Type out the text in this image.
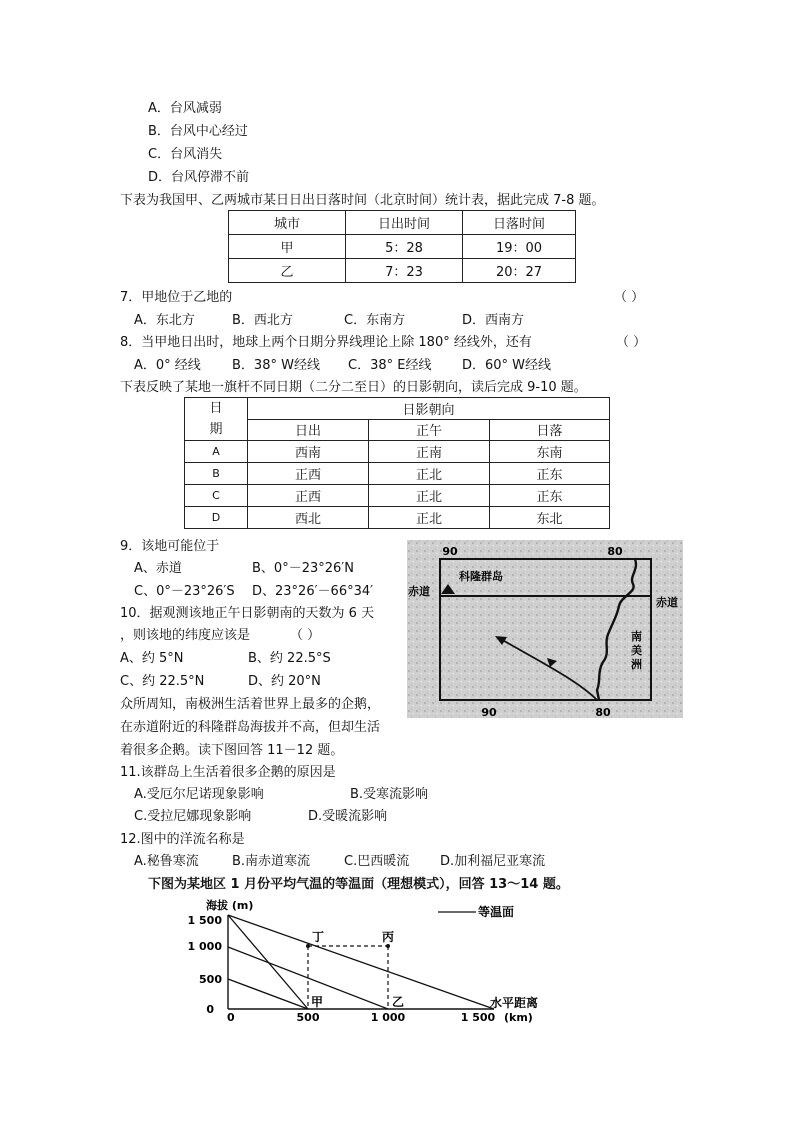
A．台风减弱
B．台风中心经过
C．台风消失
D．台风停滞不前
下表为我国甲、乙两城市某日日出日落时间（北京时间）统计表，据此完成 7-8 题。
城市	日出时间	日落时间
甲	5：28	19：00
乙	7：23	20：27
7．甲地位于乙地的	（ ）
A．东北方	B．西北方	C．东南方	D．西南方
8．当甲地日出时，地球上两个日期分界线理论上除 180° 经线外，还有	（ ）
A．0° 经线 B．38° W经线 C．38° E经线 D．60° W经线
下表反映了某地一旗杆不同日期（二分二至日）的日影朝向，读后完成 9-10 题。
日
期	日影朝向		
	日出	正午	日落
A	西南	正南	东南
B	正西	正北	正东
C	正西	正北	正东
D	西北	正北	东北
9．该地可能位于
A、赤道	B、0°－23°26′N
C、0°－23°26′S D、23°26′－66°34′
10．据观测该地正午日影朝南的天数为 6 天
，则该地的纬度应该是	（ ）
A、约 5°N	B、约 22.5°S
C、约 22.5°N	D、约 20°N
众所周知，南极洲生活着世界上最多的企鹅，
在赤道附近的科隆群岛海拔并不高，但却生活
着很多企鹅。读下图回答 11－12 题。
90	80
90	80
科隆群岛
赤道
赤道
南
美
洲
11.该群岛上生活着很多企鹅的原因是
A.受厄尔尼诺现象影响	B.受寒流影响
C.受拉尼娜现象影响	D.受暖流影响
12.图中的洋流名称是
A.秘鲁寒流	B.南赤道寒流	C.巴西暖流 D.加利福尼亚寒流
下图为某地区 1 月份平均气温的等温面（理想模式），回答 13～14 题。
海拔 (m)
1 500
1 000
500
0
丁	丙
甲	乙
0	500	1 000	1 500 (km)
水平距离
等温面
